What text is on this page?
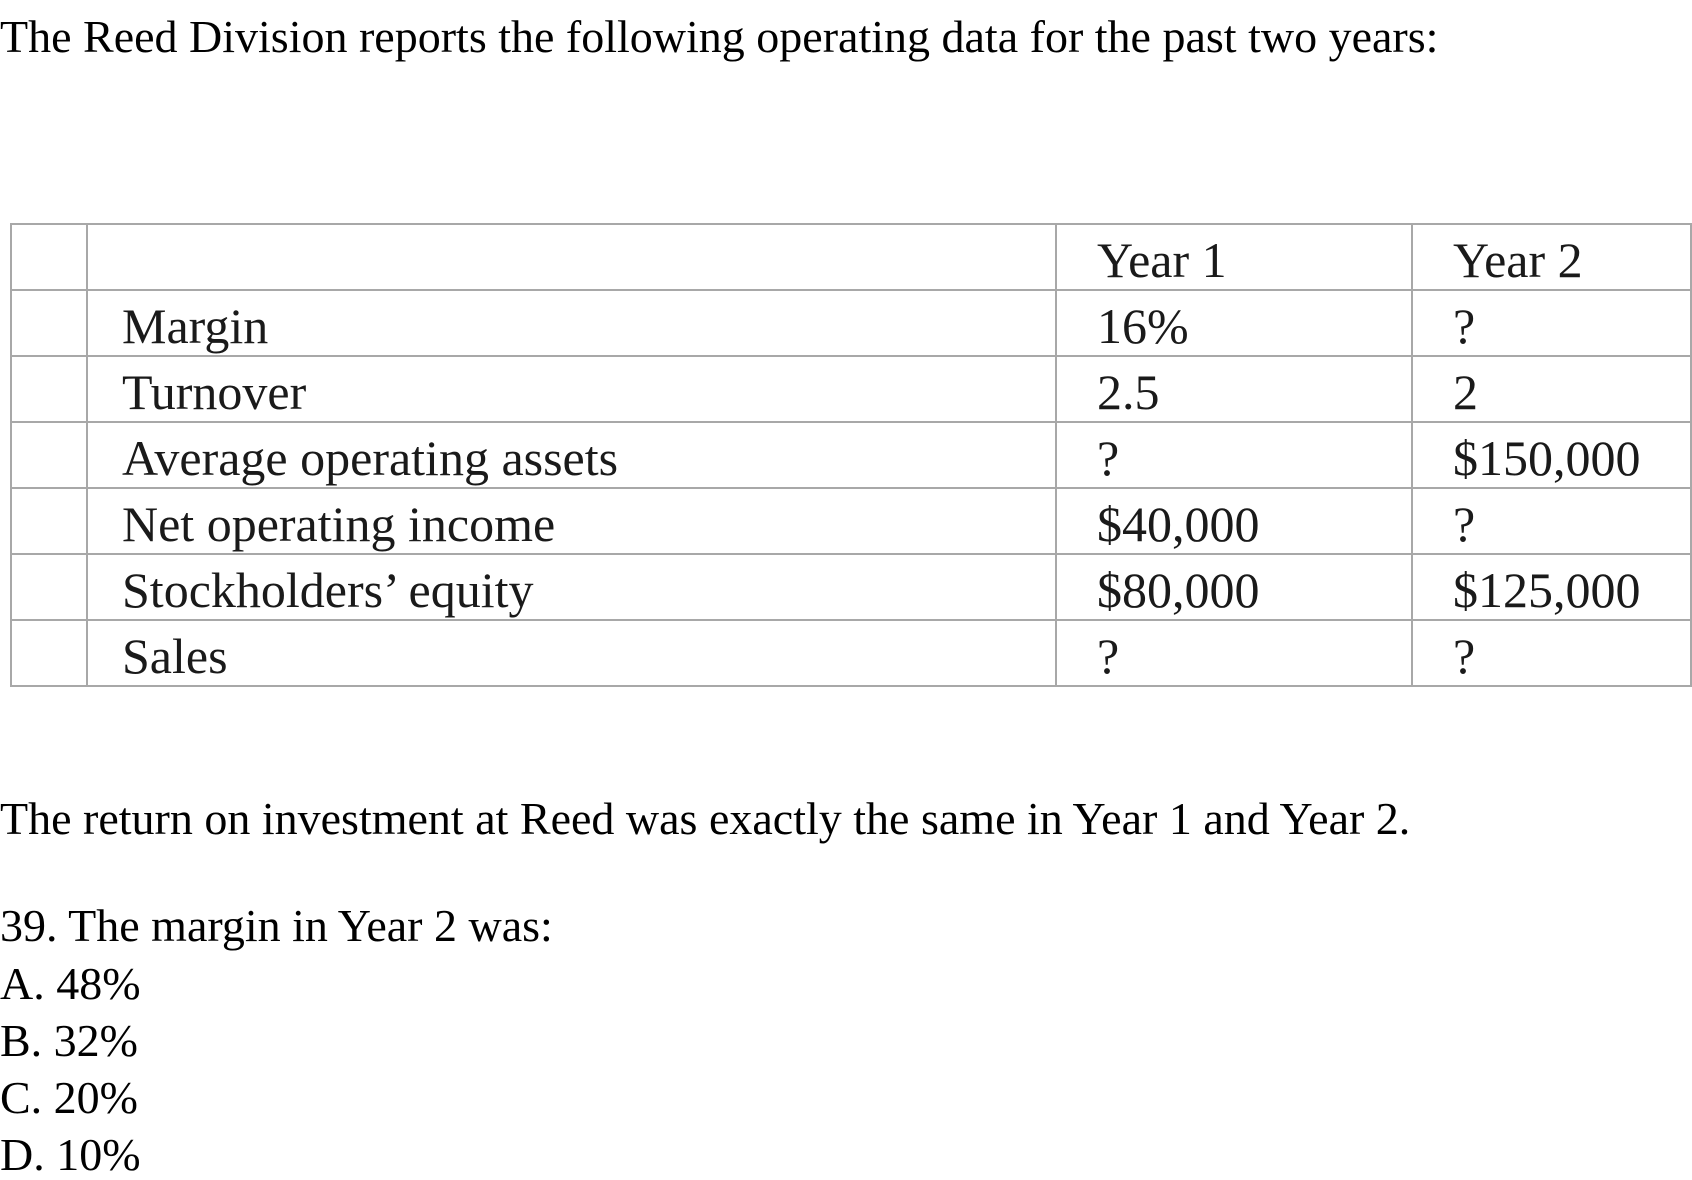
The Reed Division reports the following operating data for the past two years:

		Year 1	Year 2
	Margin	16%	?
	Turnover	2.5	2
	Average operating assets	?	$150,000
	Net operating income	$40,000	?
	Stockholders’ equity	$80,000	$125,000
	Sales	?	?

The return on investment at Reed was exactly the same in Year 1 and Year 2.

39. The margin in Year 2 was:

A. 48%

B. 32%

C. 20%

D. 10%
